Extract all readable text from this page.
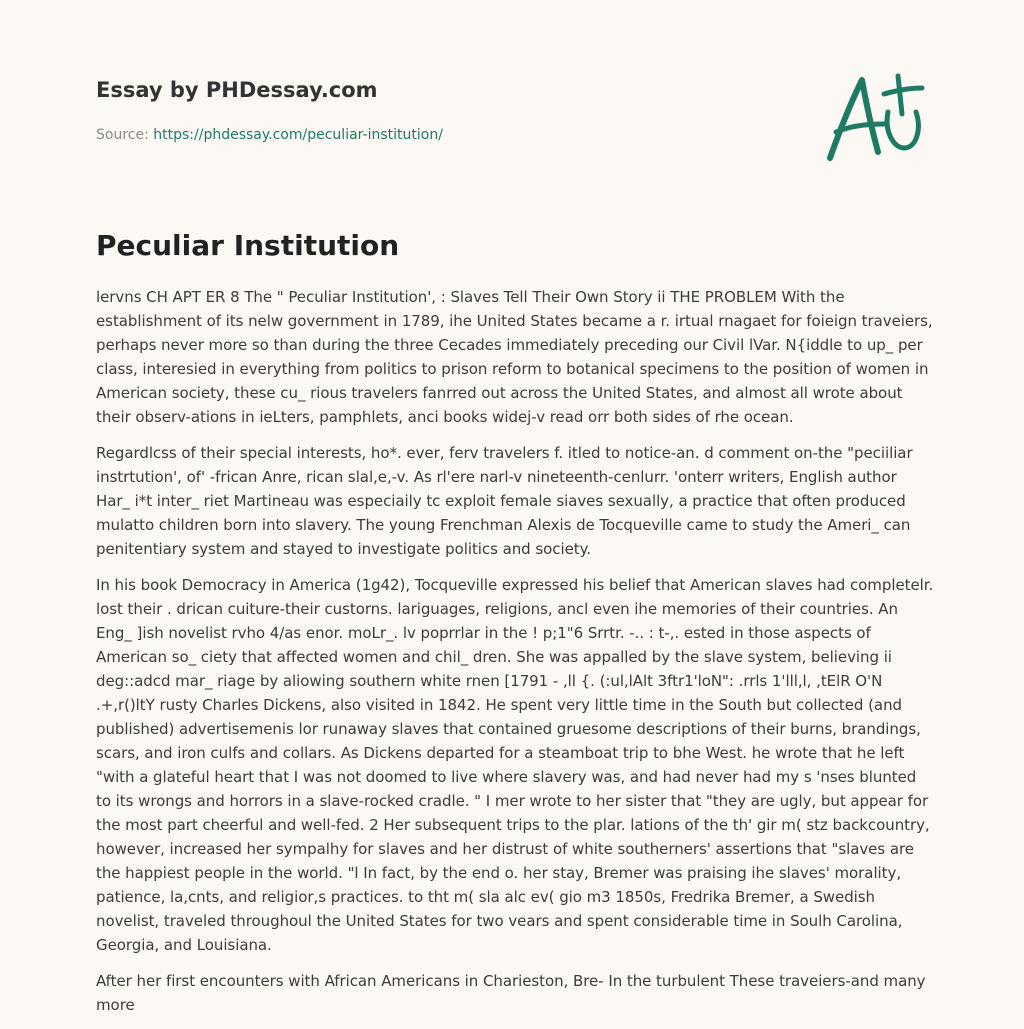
Essay by PHDessay.com
Source: https://phdessay.com/peculiar-institution/
Peculiar Institution

lervns CH APT ER 8 The " Peculiar Institution', : Slaves Tell Their Own Story ii THE PROBLEM With the establishment of its nelw government in 1789, ihe United States became a r. irtual rnagaet for foieign traveiers, perhaps never more so than during the three Cecades immediately preceding our Civil lVar. N{iddle to up_ per class, interesied in everything from politics to prison reform to botanical specimens to the position of women in American society, these cu_ rious travelers fanrred out across the United States, and almost all wrote about their observ-ations in ieLters, pamphlets, anci books widej-v read orr both sides of rhe ocean.

Regardlcss of their special interests, ho*. ever, ferv travelers f. itled to notice-an. d comment on-the "peciiliar instrtution', of' -frican Anre, rican slal,e,-v. As rl'ere narl-v nineteenth-cenlurr. 'onterr writers, English author Har_ i*t inter_ riet Martineau was especiaily tc exploit female siaves sexually, a practice that often produced mulatto children born into slavery. The young Frenchman Alexis de Tocqueville came to study the Ameri_ can penitentiary system and stayed to investigate politics and society.

In his book Democracy in America (1g42), Tocqueville expressed his belief that American slaves had completelr. lost their . drican cuiture-their custorns. lariguages, religions, ancl even ihe memories of their countries. An Eng_ ]ish novelist rvho 4/as enor. moLr_. lv poprrlar in the ! p;1"6 Srrtr. -.. : t-,. ested in those aspects of American so_ ciety that affected women and chil_ dren. She was appalled by the slave system, believing ii deg::adcd mar_ riage by aliowing southern white rnen [1791 - ,ll {. (:ul,lAlt 3ftr1'loN": .rrls 1'lll,l, ,tElR O'N .+,r()ltY rusty Charles Dickens, also visited in 1842. He spent very little time in the South but collected (and published) advertisemenis lor runaway slaves that contained gruesome descriptions of their burns, brandings, scars, and iron culfs and collars. As Dickens departed for a steamboat trip to bhe West. he wrote that he left "with a glateful heart that I was not doomed to live where slavery was, and had never had my s 'nses blunted to its wrongs and horrors in a slave-rocked cradle. " I mer wrote to her sister that "they are ugly, but appear for the most part cheerful and well-fed. 2 Her subsequent trips to the plar. lations of the th' gir m( stz backcountry, however, increased her sympalhy for slaves and her distrust of white southerners' assertions that "slaves are the happiest people in the world. "l In fact, by the end o. her stay, Bremer was praising ihe slaves' morality, patience, la,cnts, and religior,s practices. to tht m( sla alc ev( gio m3 1850s, Fredrika Bremer, a Swedish novelist, traveled throughoul the United States for two vears and spent considerable time in Soulh Carolina, Georgia, and Louisiana.

After her first encounters with African Americans in Charieston, Bre- In the turbulent These traveiers-and many more
